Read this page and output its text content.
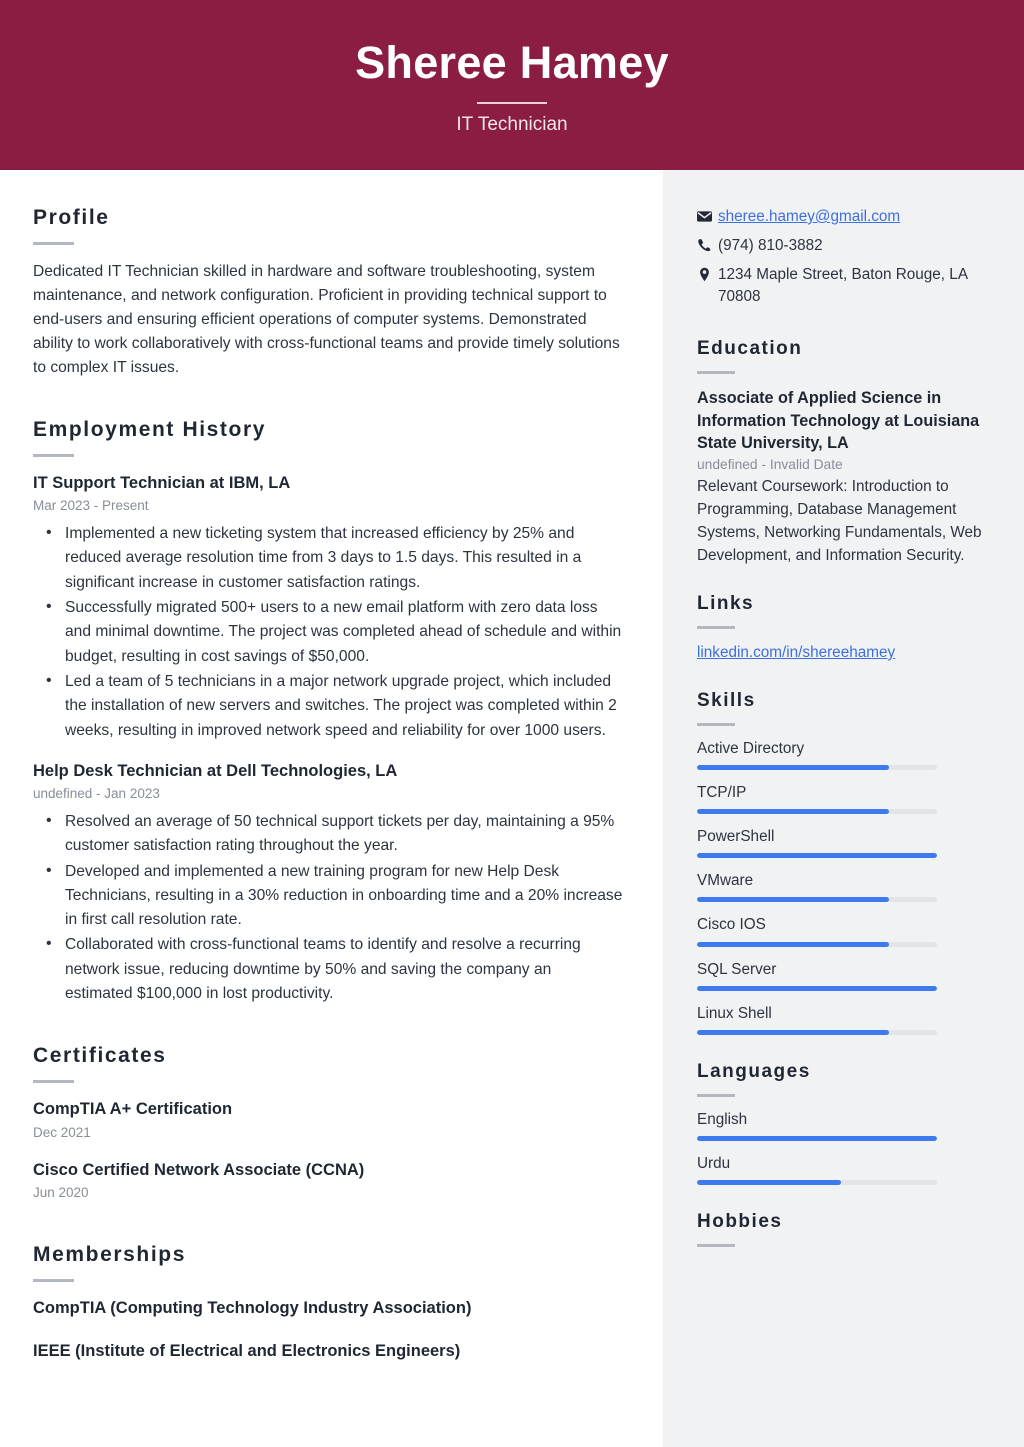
Sheree Hamey
IT Technician
Profile
Dedicated IT Technician skilled in hardware and software troubleshooting, system maintenance, and network configuration. Proficient in providing technical support to end-users and ensuring efficient operations of computer systems. Demonstrated ability to work collaboratively with cross-functional teams and provide timely solutions to complex IT issues.
Employment History
IT Support Technician at IBM, LA
Mar 2023 - Present
• Implemented a new ticketing system that increased efficiency by 25% and reduced average resolution time from 3 days to 1.5 days. This resulted in a significant increase in customer satisfaction ratings.
• Successfully migrated 500+ users to a new email platform with zero data loss and minimal downtime. The project was completed ahead of schedule and within budget, resulting in cost savings of $50,000.
• Led a team of 5 technicians in a major network upgrade project, which included the installation of new servers and switches. The project was completed within 2 weeks, resulting in improved network speed and reliability for over 1000 users.
Help Desk Technician at Dell Technologies, LA
undefined - Jan 2023
• Resolved an average of 50 technical support tickets per day, maintaining a 95% customer satisfaction rating throughout the year.
• Developed and implemented a new training program for new Help Desk Technicians, resulting in a 30% reduction in onboarding time and a 20% increase in first call resolution rate.
• Collaborated with cross-functional teams to identify and resolve a recurring network issue, reducing downtime by 50% and saving the company an estimated $100,000 in lost productivity.
Certificates
CompTIA A+ Certification
Dec 2021
Cisco Certified Network Associate (CCNA)
Jun 2020
Memberships
CompTIA (Computing Technology Industry Association)
IEEE (Institute of Electrical and Electronics Engineers)
sheree.hamey@gmail.com
(974) 810-3882
1234 Maple Street, Baton Rouge, LA 70808
Education
Associate of Applied Science in Information Technology at Louisiana State University, LA
undefined - Invalid Date
Relevant Coursework: Introduction to Programming, Database Management Systems, Networking Fundamentals, Web Development, and Information Security.
Links
linkedin.com/in/shereehamey
Skills
Active Directory
TCP/IP
PowerShell
VMware
Cisco IOS
SQL Server
Linux Shell
Languages
English
Urdu
Hobbies
